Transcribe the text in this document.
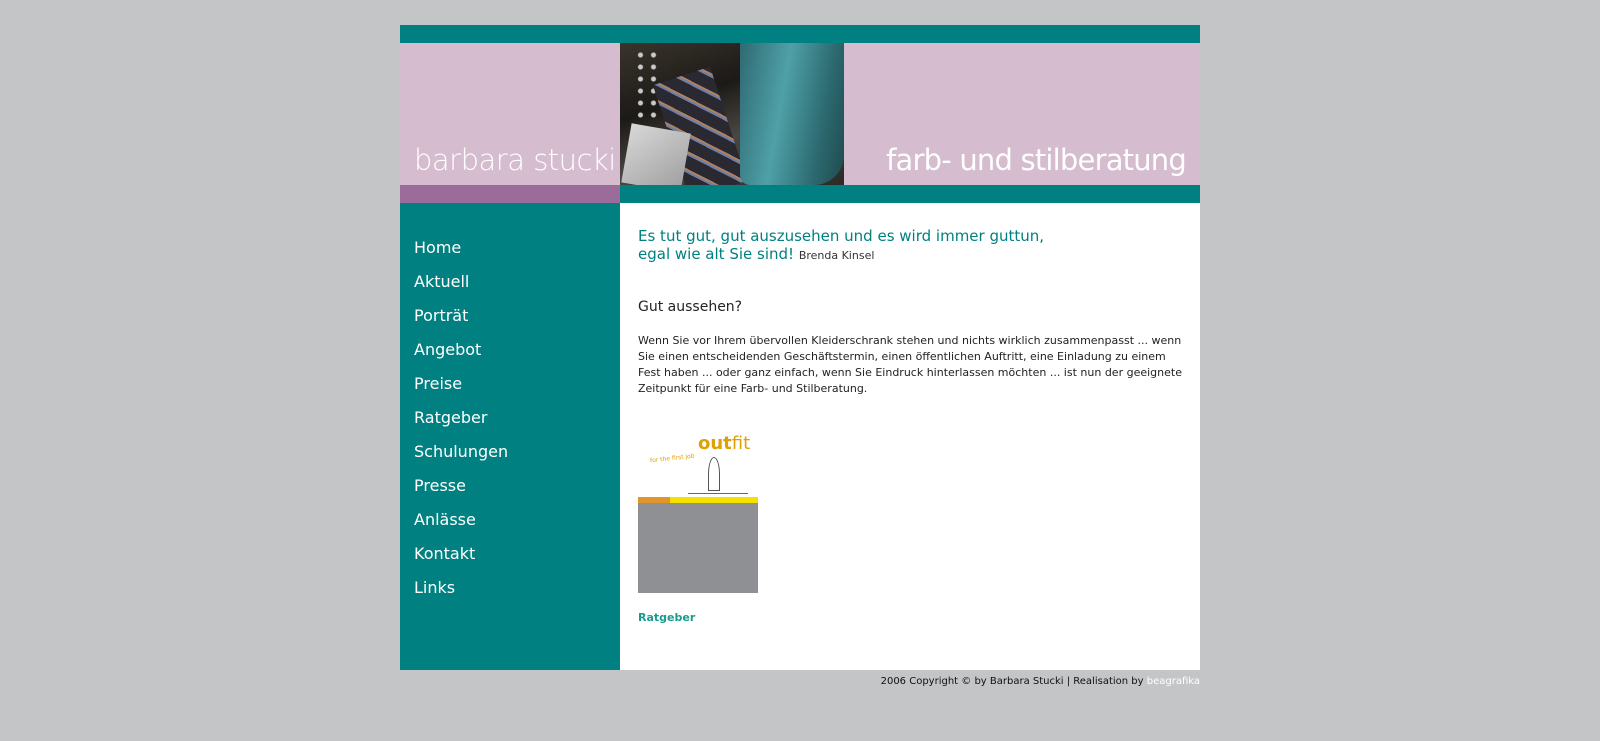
barbara stucki	farb- und stilberatung
Home
Aktuell
Porträt
Angebot
Preise
Ratgeber
Schulungen
Presse
Anlässe
Kontakt
Links
Es tut gut, gut auszusehen und es wird immer guttun,
egal wie alt Sie sind! Brenda Kinsel
Gut aussehen?
Wenn Sie vor Ihrem übervollen Kleiderschrank stehen und nichts wirklich zusammenpasst ... wenn Sie einen entscheidenden Geschäftstermin, einen öffentlichen Auftritt, eine Einladung zu einem Fest haben ... oder ganz einfach, wenn Sie Eindruck hinterlassen möchten ... ist nun der geeignete Zeitpunkt für eine Farb- und Stilberatung.
outfit
for the first job
Ratgeber
2006 Copyright © by Barbara Stucki | Realisation by beagrafika
